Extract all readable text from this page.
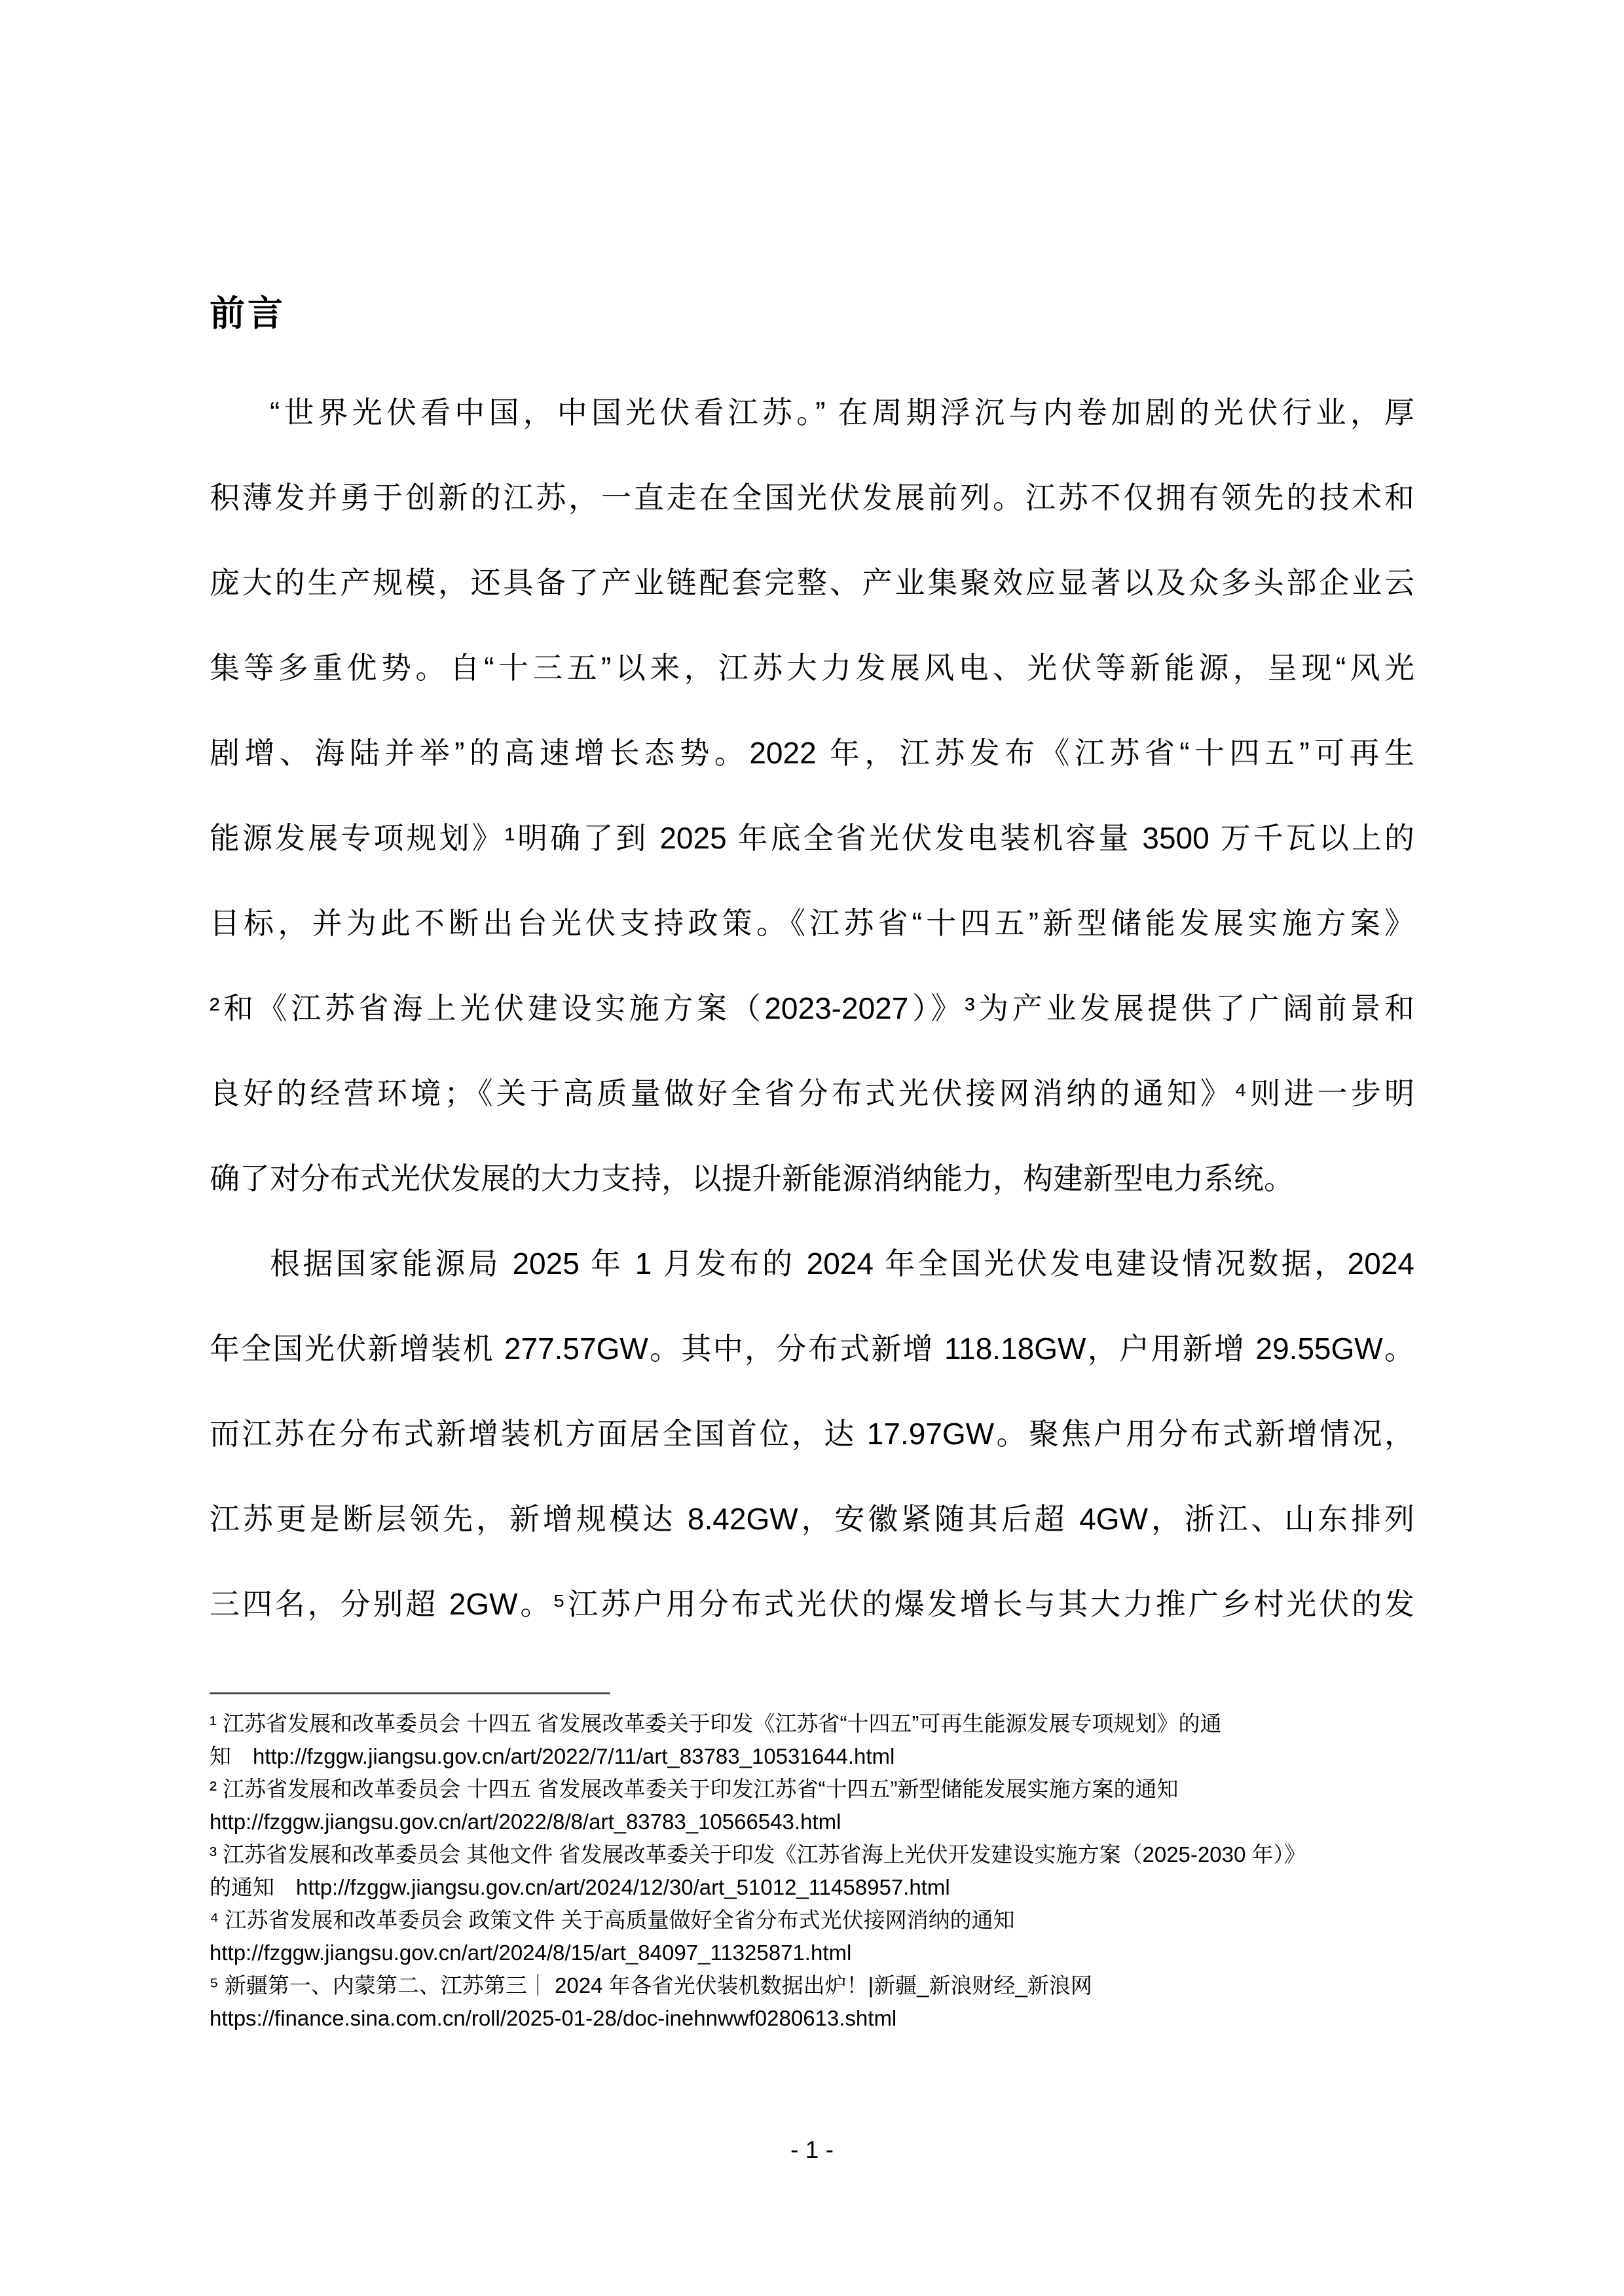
前言
“世界光伏看中国，中国光伏看江苏。” 在周期浮沉与内卷加剧的光伏行业，厚
积薄发并勇于创新的江苏，一直走在全国光伏发展前列。江苏不仅拥有领先的技术和
庞大的生产规模，还具备了产业链配套完整、产业集聚效应显著以及众多头部企业云
集等多重优势。自“十三五”以来，江苏大力发展风电、光伏等新能源，呈现“风光
剧增、海陆并举”的高速增长态势。2022 年，江苏发布《江苏省“十四五”可再生
能源发展专项规划》¹明确了到 2025 年底全省光伏发电装机容量 3500 万千瓦以上的
目标，并为此不断出台光伏支持政策。《江苏省“十四五”新型储能发展实施方案》
²和《江苏省海上光伏建设实施方案（2023-2027）》³为产业发展提供了广阔前景和
良好的经营环境；《关于高质量做好全省分布式光伏接网消纳的通知》⁴则进一步明
确了对分布式光伏发展的大力支持，以提升新能源消纳能力，构建新型电力系统。
根据国家能源局 2025 年 1 月发布的 2024 年全国光伏发电建设情况数据，2024
年全国光伏新增装机 277.57GW。其中，分布式新增 118.18GW，户用新增 29.55GW。
而江苏在分布式新增装机方面居全国首位，达 17.97GW。聚焦户用分布式新增情况，
江苏更是断层领先，新增规模达 8.42GW，安徽紧随其后超 4GW，浙江、山东排列
三四名，分别超 2GW。⁵江苏户用分布式光伏的爆发增长与其大力推广乡村光伏的发
¹ 江苏省发展和改革委员会 十四五 省发展改革委关于印发《江苏省“十四五”可再生能源发展专项规划》的通
知　http://fzggw.jiangsu.gov.cn/art/2022/7/11/art_83783_10531644.html
² 江苏省发展和改革委员会 十四五 省发展改革委关于印发江苏省“十四五”新型储能发展实施方案的通知
http://fzggw.jiangsu.gov.cn/art/2022/8/8/art_83783_10566543.html
³ 江苏省发展和改革委员会 其他文件 省发展改革委关于印发《江苏省海上光伏开发建设实施方案（2025-2030 年）》
的通知　http://fzggw.jiangsu.gov.cn/art/2024/12/30/art_51012_11458957.html
⁴ 江苏省发展和改革委员会 政策文件 关于高质量做好全省分布式光伏接网消纳的通知
http://fzggw.jiangsu.gov.cn/art/2024/8/15/art_84097_11325871.html
⁵ 新疆第一、内蒙第二、江苏第三｜ 2024 年各省光伏装机数据出炉！|新疆_新浪财经_新浪网
https://finance.sina.com.cn/roll/2025-01-28/doc-inehnwwf0280613.shtml
- 1 -
